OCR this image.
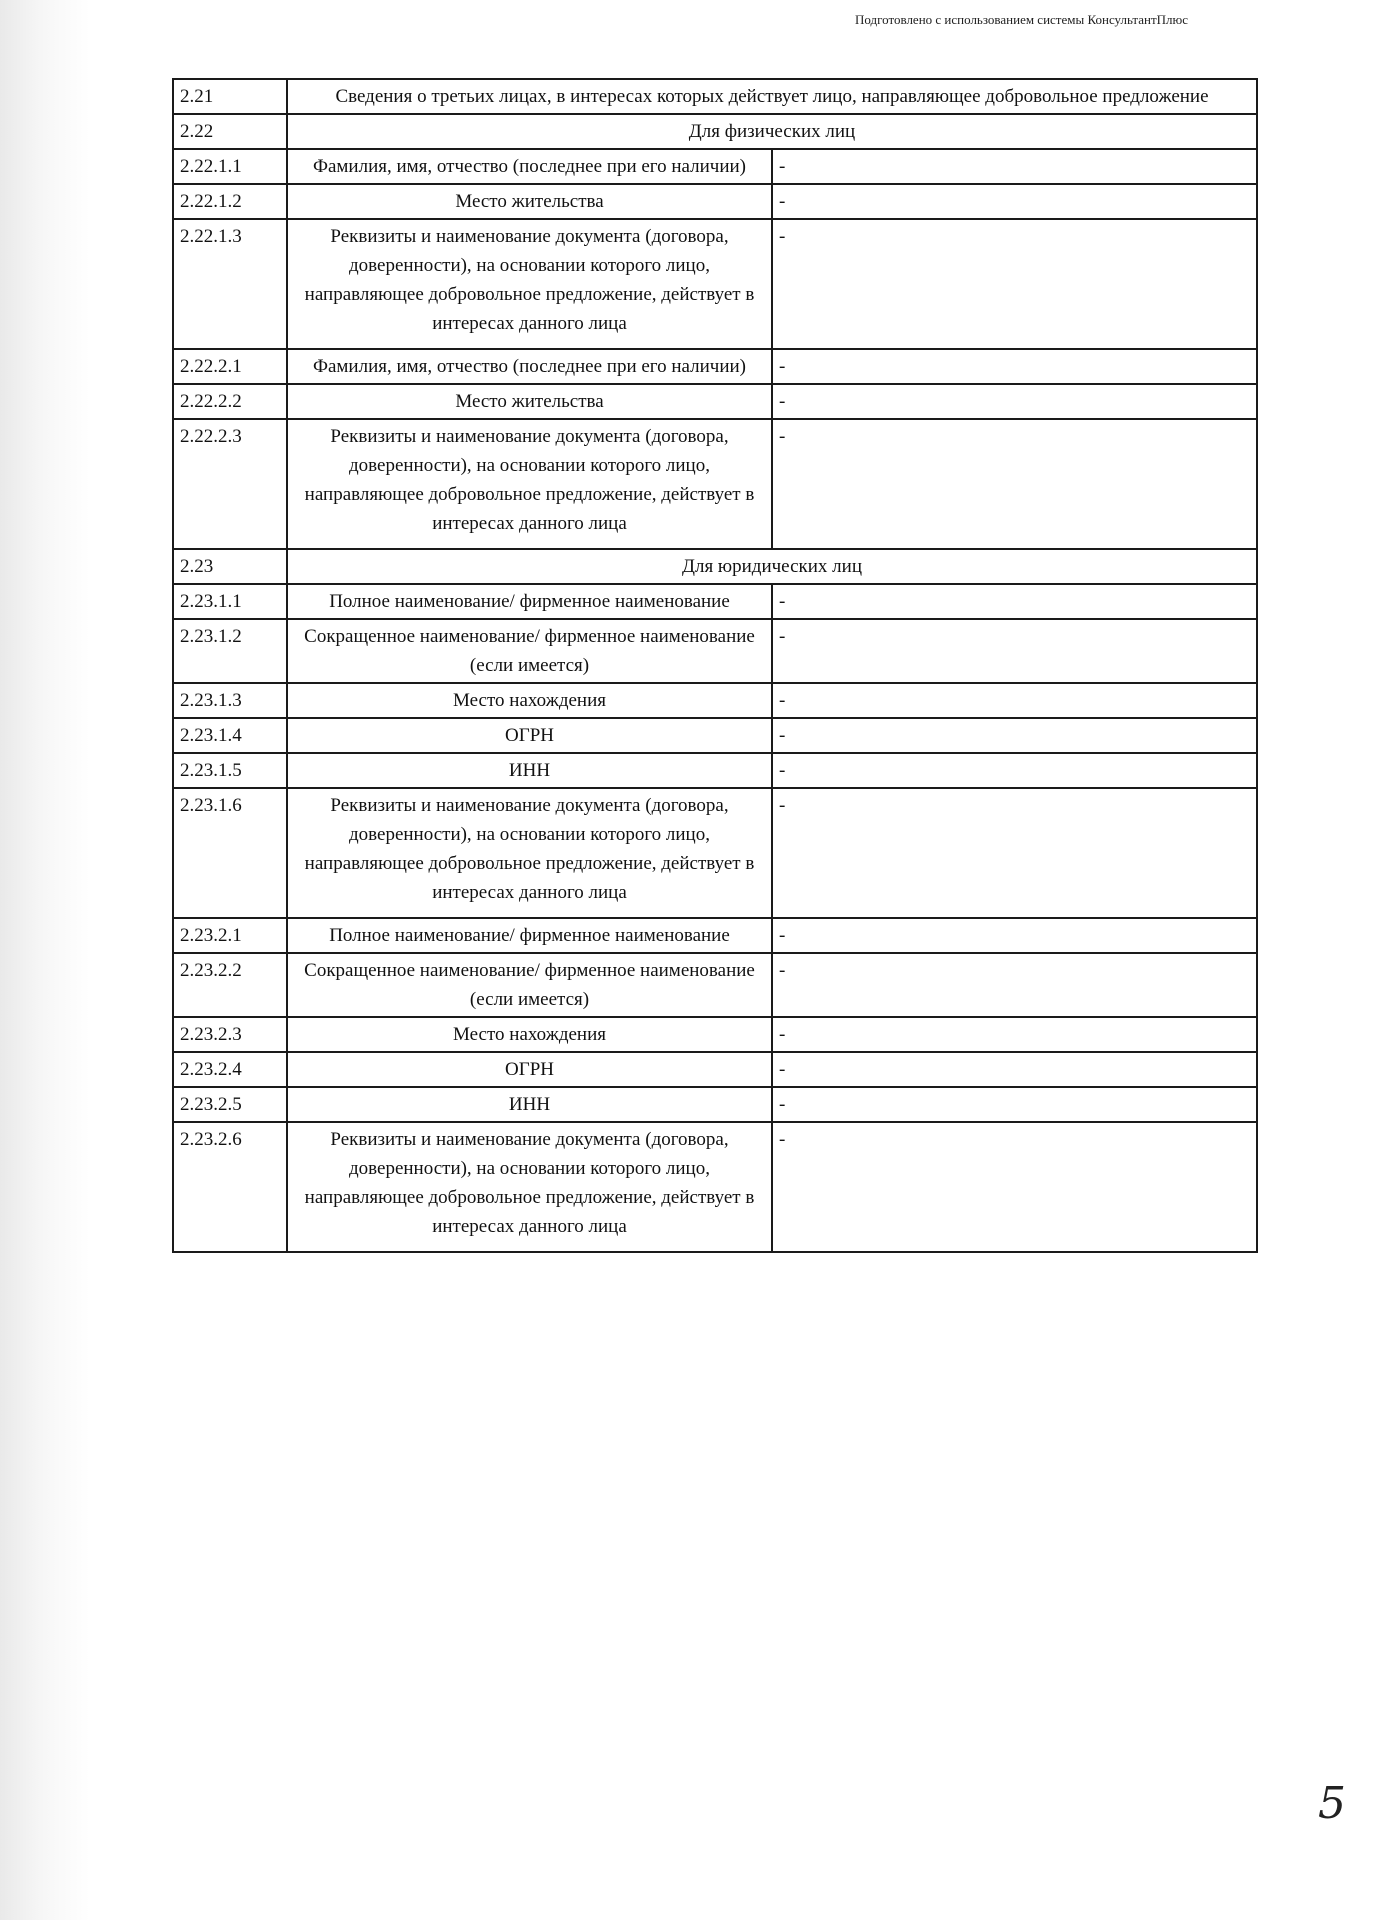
Подготовлено с использованием системы КонсультантПлюс
2.21	Сведения о третьих лицах, в интересах которых действует лицо, направляющее добровольное предложение	
2.22	Для физических лиц	
2.22.1.1	Фамилия, имя, отчество (последнее при его наличии)	-
2.22.1.2	Место жительства	-
2.22.1.3	Реквизиты и наименование документа (договора, доверенности), на основании которого лицо, направляющее добровольное предложение, действует в интересах данного лица	-
2.22.2.1	Фамилия, имя, отчество (последнее при его наличии)	-
2.22.2.2	Место жительства	-
2.22.2.3	Реквизиты и наименование документа (договора, доверенности), на основании которого лицо, направляющее добровольное предложение, действует в интересах данного лица	-
2.23	Для юридических лиц	
2.23.1.1	Полное наименование/ фирменное наименование	-
2.23.1.2	Сокращенное наименование/ фирменное наименование (если имеется)	-
2.23.1.3	Место нахождения	-
2.23.1.4	ОГРН	-
2.23.1.5	ИНН	-
2.23.1.6	Реквизиты и наименование документа (договора, доверенности), на основании которого лицо, направляющее добровольное предложение, действует в интересах данного лица	-
2.23.2.1	Полное наименование/ фирменное наименование	-
2.23.2.2	Сокращенное наименование/ фирменное наименование (если имеется)	-
2.23.2.3	Место нахождения	-
2.23.2.4	ОГРН	-
2.23.2.5	ИНН	-
2.23.2.6	Реквизиты и наименование документа (договора, доверенности), на основании которого лицо, направляющее добровольное предложение, действует в интересах данного лица	-
5
